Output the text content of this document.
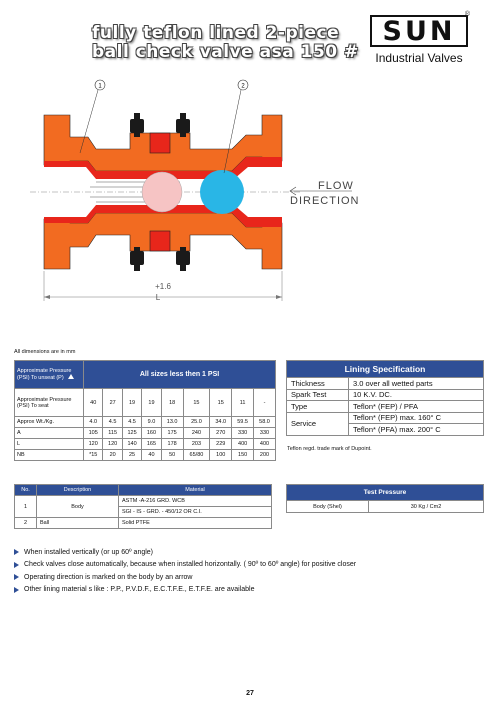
fully teflon lined 2-piece
ball check valve asa 150 #
SUN
®
Industrial Valves
1	2
FLOW
DIRECTION
+1.6
L
All dimensions are in mm
Approximate Pressure (PSI) To unseat (P)	All sizes less then 1 PSI								
Approximate Pressure (PSI) To seat	40	27	19	19	18	15	15	11	-
Approx Wt./Kg.	4.0	4.5	4.5	9.0	13.0	25.0	34.0	59.5	58.0
A	105	115	125	160	175	240	270	330	330
L	120	120	140	165	178	203	229	400	400
NB	*15	20	25	40	50	65/80	100	150	200
Lining Specification	
Thickness	3.0 over all wetted parts
Spark Test	10 K.V. DC.
Type	Teflon* (FEP) / PFA
Service	Teflon* (FEP) max. 160° C
	Teflon* (PFA) max. 200° C
Teflon regd. trade mark of Dupoint.
No.	Description	Material
1	Body	ASTM -A-216 GRD. WCB
		SGI - IS - GRD. - 450/12 OR C.I.
2	Ball	Solid PTFE
Test Pressure
Body (Shel)	30 Kg / Cm2
When installed vertically (or up 60º angle)
Check valves close automatically, because when installed horizontally. ( 90º to 60º angle) for positive closer
Operating direction is marked on the body by an arrow
Other lining material s like : P.P., P.V.D.F., E.C.T.F.E., E.T.F.E. are available
27
